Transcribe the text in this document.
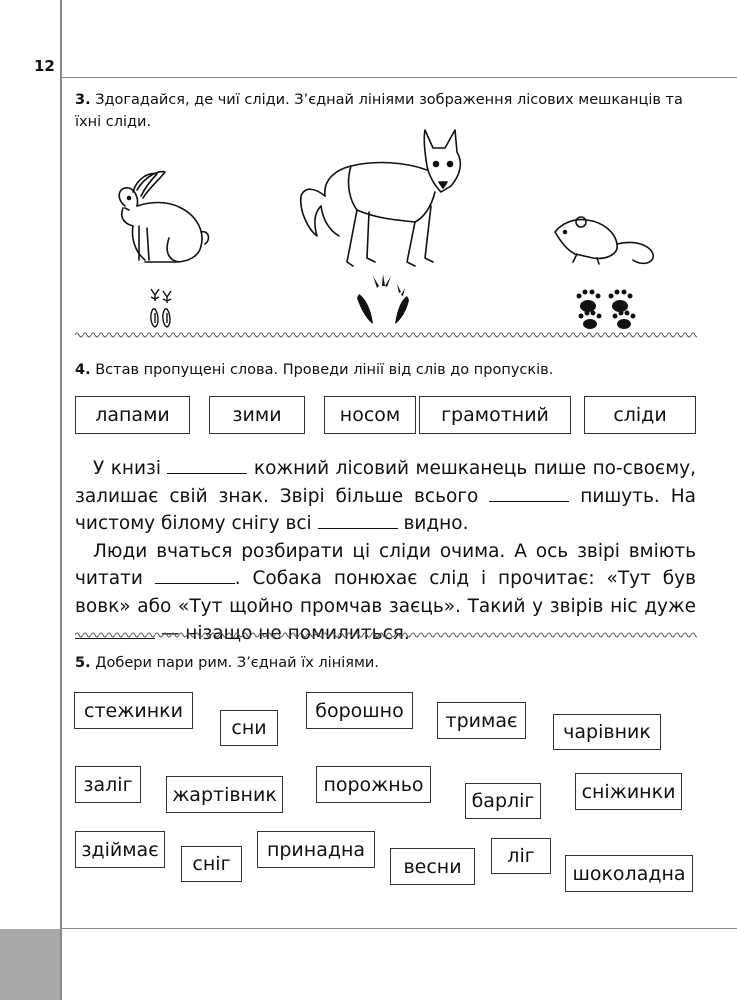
12
3. Здогадайся, де чиї сліди. З’єднай лініями зображення лісових мешканців та їхні сліди.
4. Встав пропущені слова. Проведи лінії від слів до пропусків.
лапами	зими	носом	грамотний	сліди

У книзі	кожний лісовий мешканець пише по-своєму, залишає свій знак. Звірі більше всього	пишуть. На чистому білому снігу всі	видно.

Люди вчаться розбирати ці сліди очима. А ось звірі вміють читати	. Собака понюхає слід і прочитає: «Тут був вовк» або «Тут щойно промчав заєць». Такий у звірів ніс дуже

5. Добери пари рим. З’єднай їх лініями.
стежинки
сни
борошно	тримає
чарівник
заліг	жартівник	порожньо
барліг	сніжинки
здіймає
сніг
принадна
весни	ліг
шоколадна
